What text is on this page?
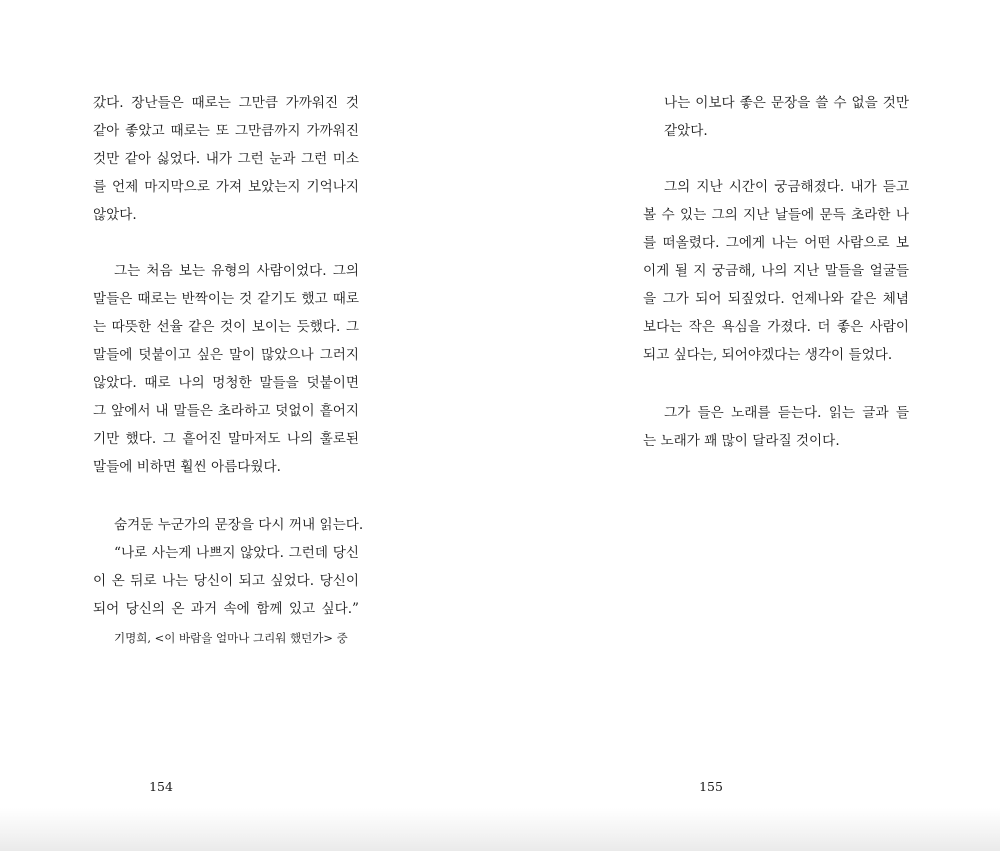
갔다. 장난들은 때로는 그만큼 가까워진 것
같아 좋았고 때로는 또 그만큼까지 가까워진
것만 같아 싫었다. 내가 그런 눈과 그런 미소
를 언제 마지막으로 가져 보았는지 기억나지
않았다.
그는 처음 보는 유형의 사람이었다. 그의
말들은 때로는 반짝이는 것 같기도 했고 때로
는 따뜻한 선율 같은 것이 보이는 듯했다. 그
말들에 덧붙이고 싶은 말이 많았으나 그러지
않았다. 때로 나의 멍청한 말들을 덧붙이면
그 앞에서 내 말들은 초라하고 덧없이 흩어지
기만 했다. 그 흩어진 말마저도 나의 훌로된
말들에 비하면 훨씬 아름다웠다.
숨겨둔 누군가의 문장을 다시 꺼내 읽는다.
“나로 사는게 나쁘지 않았다. 그런데 당신
이 온 뒤로 나는 당신이 되고 싶었다. 당신이
되어 당신의 온 과거 속에 함께 있고 싶다.”
기명희, <이 바람을 얼마나 그리워 했던가> 중
154
나는 이보다 좋은 문장을 쓸 수 없을 것만
같았다.
그의 지난 시간이 궁금해졌다. 내가 듣고
볼 수 있는 그의 지난 날들에 문득 초라한 나
를 떠올렸다. 그에게 나는 어떤 사람으로 보
이게 될 지 궁금해, 나의 지난 말들을 얼굴들
을 그가 되어 되짚었다. 언제나와 같은 체념
보다는 작은 욕심을 가졌다. 더 좋은 사람이
되고 싶다는, 되어야겠다는 생각이 들었다.
그가 들은 노래를 듣는다. 읽는 글과 들
는 노래가 꽤 많이 달라질 것이다.
155
